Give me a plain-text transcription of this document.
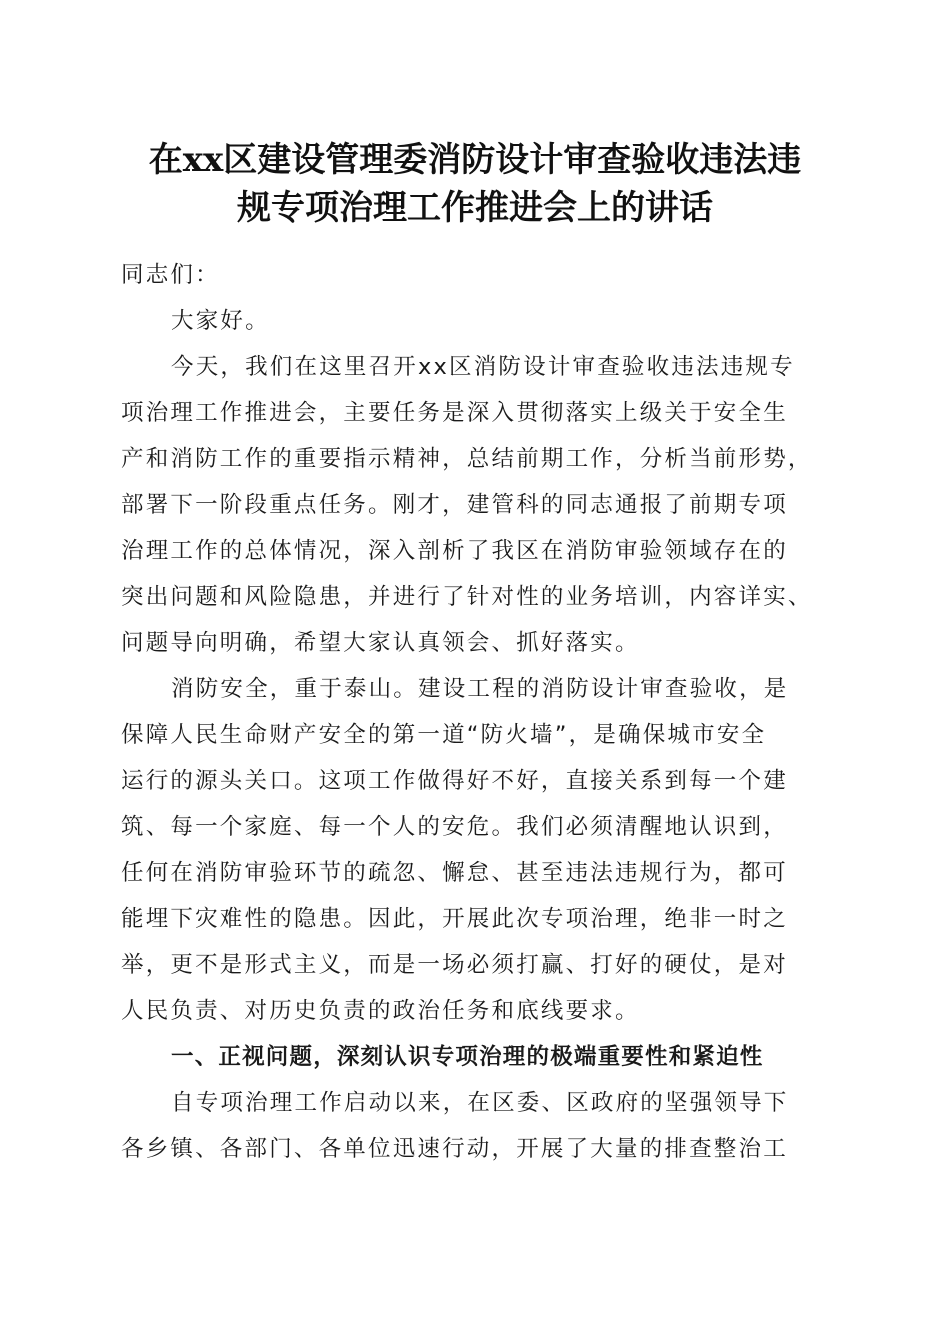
在xx区建设管理委消防设计审查验收违法违
规专项治理工作推进会上的讲话
同志们：
大家好。
今天，我们在这里召开xx区消防设计审查验收违法违规专
项治理工作推进会，主要任务是深入贯彻落实上级关于安全生
产和消防工作的重要指示精神，总结前期工作，分析当前形势，
部署下一阶段重点任务。刚才，建管科的同志通报了前期专项
治理工作的总体情况，深入剖析了我区在消防审验领域存在的
突出问题和风险隐患，并进行了针对性的业务培训，内容详实、
问题导向明确，希望大家认真领会、抓好落实。
消防安全，重于泰山。建设工程的消防设计审查验收，是
保障人民生命财产安全的第一道“防火墙”，是确保城市安全
运行的源头关口。这项工作做得好不好，直接关系到每一个建
筑、每一个家庭、每一个人的安危。我们必须清醒地认识到，
任何在消防审验环节的疏忽、懈怠、甚至违法违规行为，都可
能埋下灾难性的隐患。因此，开展此次专项治理，绝非一时之
举，更不是形式主义，而是一场必须打赢、打好的硬仗，是对
人民负责、对历史负责的政治任务和底线要求。
一、正视问题，深刻认识专项治理的极端重要性和紧迫性
自专项治理工作启动以来，在区委、区政府的坚强领导下
各乡镇、各部门、各单位迅速行动，开展了大量的排查整治工
